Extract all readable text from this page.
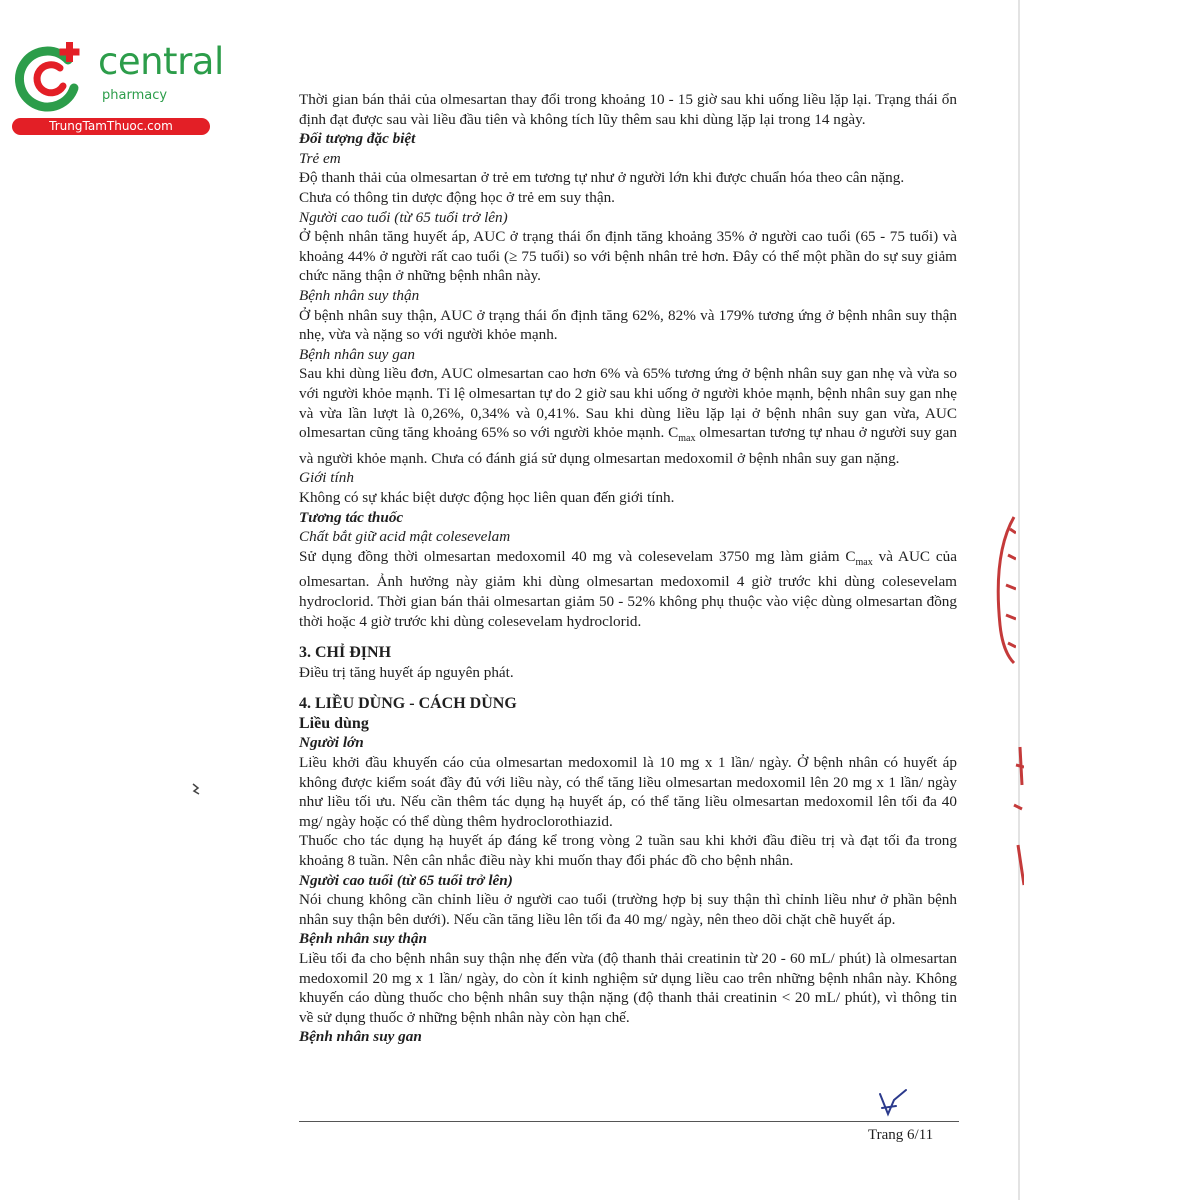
central
pharmacy
TrungTamThuoc.com

Thời gian bán thải của olmesartan thay đổi trong khoảng 10 - 15 giờ sau khi uống liều lặp lại. Trạng thái ổn định đạt được sau vài liều đầu tiên và không tích lũy thêm sau khi dùng lặp lại trong 14 ngày.

Đối tượng đặc biệt

Trẻ em

Độ thanh thải của olmesartan ở trẻ em tương tự như ở người lớn khi được chuẩn hóa theo cân nặng.

Chưa có thông tin dược động học ở trẻ em suy thận.

Người cao tuổi (từ 65 tuổi trở lên)

Ở bệnh nhân tăng huyết áp, AUC ở trạng thái ổn định tăng khoảng 35% ở người cao tuổi (65 - 75 tuổi) và khoảng 44% ở người rất cao tuổi (≥ 75 tuổi) so với bệnh nhân trẻ hơn. Đây có thể một phần do sự suy giảm chức năng thận ở những bệnh nhân này.

Bệnh nhân suy thận

Ở bệnh nhân suy thận, AUC ở trạng thái ổn định tăng 62%, 82% và 179% tương ứng ở bệnh nhân suy thận nhẹ, vừa và nặng so với người khỏe mạnh.

Bệnh nhân suy gan

Sau khi dùng liều đơn, AUC olmesartan cao hơn 6% và 65% tương ứng ở bệnh nhân suy gan nhẹ và vừa so với người khỏe mạnh. Tỉ lệ olmesartan tự do 2 giờ sau khi uống ở người khỏe mạnh, bệnh nhân suy gan nhẹ và vừa lần lượt là 0,26%, 0,34% và 0,41%. Sau khi dùng liều lặp lại ở bệnh nhân suy gan vừa, AUC olmesartan cũng tăng khoảng 65% so với người khỏe mạnh. $C_{max}$ olmesartan tương tự nhau ở người suy gan và người khỏe mạnh. Chưa có đánh giá sử dụng olmesartan medoxomil ở bệnh nhân suy gan nặng.

Giới tính

Không có sự khác biệt dược động học liên quan đến giới tính.

Tương tác thuốc

Chất bắt giữ acid mật colesevelam

Sử dụng đồng thời olmesartan medoxomil 40 mg và colesevelam 3750 mg làm giảm $C_{max}$ và AUC của olmesartan. Ảnh hưởng này giảm khi dùng olmesartan medoxomil 4 giờ trước khi dùng colesevelam hydroclorid. Thời gian bán thải olmesartan giảm 50 - 52% không phụ thuộc vào việc dùng olmesartan đồng thời hoặc 4 giờ trước khi dùng colesevelam hydroclorid.

3. CHỈ ĐỊNH

Điều trị tăng huyết áp nguyên phát.

4. LIỀU DÙNG - CÁCH DÙNG

Liều dùng

Người lớn

Liều khởi đầu khuyến cáo của olmesartan medoxomil là 10 mg x 1 lần/ ngày. Ở bệnh nhân có huyết áp không được kiểm soát đầy đủ với liều này, có thể tăng liều olmesartan medoxomil lên 20 mg x 1 lần/ ngày như liều tối ưu. Nếu cần thêm tác dụng hạ huyết áp, có thể tăng liều olmesartan medoxomil lên tối đa 40 mg/ ngày hoặc có thể dùng thêm hydroclorothiazid.

Thuốc cho tác dụng hạ huyết áp đáng kể trong vòng 2 tuần sau khi khởi đầu điều trị và đạt tối đa trong khoảng 8 tuần. Nên cân nhắc điều này khi muốn thay đổi phác đồ cho bệnh nhân.

Người cao tuổi (từ 65 tuổi trở lên)

Nói chung không cần chỉnh liều ở người cao tuổi (trường hợp bị suy thận thì chỉnh liều như ở phần bệnh nhân suy thận bên dưới). Nếu cần tăng liều lên tối đa 40 mg/ ngày, nên theo dõi chặt chẽ huyết áp.

Bệnh nhân suy thận

Liều tối đa cho bệnh nhân suy thận nhẹ đến vừa (độ thanh thải creatinin từ 20 - 60 mL/ phút) là olmesartan medoxomil 20 mg x 1 lần/ ngày, do còn ít kinh nghiệm sử dụng liều cao trên những bệnh nhân này. Không khuyến cáo dùng thuốc cho bệnh nhân suy thận nặng (độ thanh thải creatinin < 20 mL/ phút), vì thông tin về sử dụng thuốc ở những bệnh nhân này còn hạn chế.

Bệnh nhân suy gan

Trang 6/11
